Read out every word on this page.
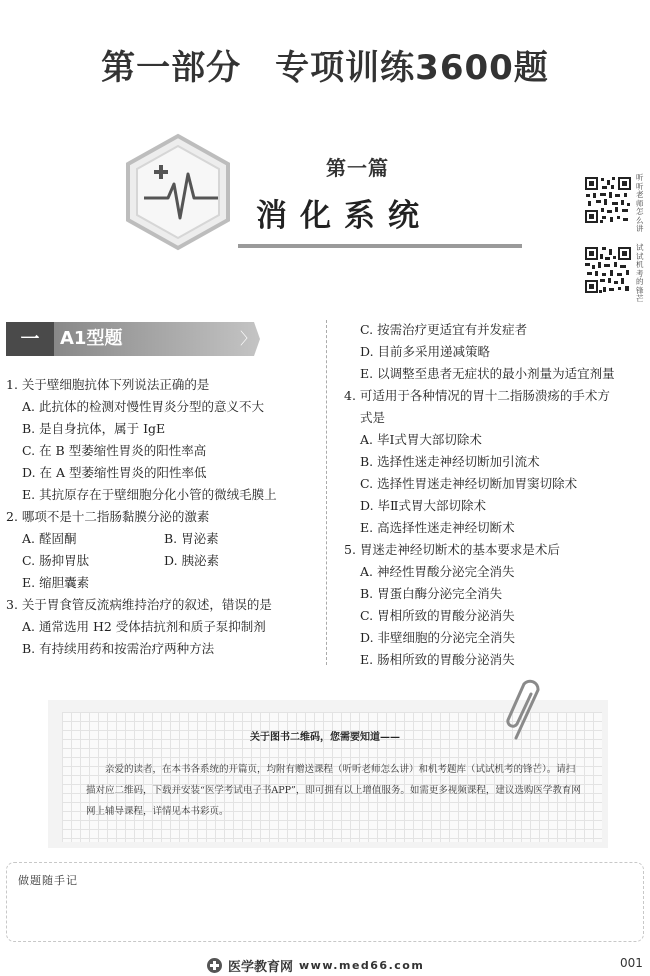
第一部分 专项训练3600题
第一篇
消化系统
听听老师怎么讲
试试机考的锋芒
一	A1型题	〉
1. 关于壁细胞抗体下列说法正确的是
A. 此抗体的检测对慢性胃炎分型的意义不大
B. 是自身抗体，属于 IgE
C. 在 B 型萎缩性胃炎的阳性率高
D. 在 A 型萎缩性胃炎的阳性率低
E. 其抗原存在于壁细胞分化小管的微绒毛膜上
2. 哪项不是十二指肠黏膜分泌的激素
A. 醛固酮	B. 胃泌素
C. 肠抑胃肽	D. 胰泌素
E. 缩胆囊素
3. 关于胃食管反流病维持治疗的叙述，错误的是
A. 通常选用 H2 受体拮抗剂和质子泵抑制剂
B. 有持续用药和按需治疗两种方法
C. 按需治疗更适宜有并发症者
D. 目前多采用递减策略
E. 以调整至患者无症状的最小剂量为适宜剂量
4. 可适用于各种情况的胃十二指肠溃疡的手术方
式是
A. 毕Ⅰ式胃大部切除术
B. 选择性迷走神经切断加引流术
C. 选择性胃迷走神经切断加胃窦切除术
D. 毕Ⅱ式胃大部切除术
E. 高选择性迷走神经切断术
5. 胃迷走神经切断术的基本要求是术后
A. 神经性胃酸分泌完全消失
B. 胃蛋白酶分泌完全消失
C. 胃相所致的胃酸分泌消失
D. 非壁细胞的分泌完全消失
E. 肠相所致的胃酸分泌消失
关于图书二维码，您需要知道——
亲爱的读者，在本书各系统的开篇页，均附有赠送课程（听听老师怎么讲）和机考题库（试试机考的锋芒）。请扫描对应二维码，下载并安装“医学考试电子书APP”，即可拥有以上增值服务。如需更多视频课程，建议选购医学教育网网上辅导课程，详情见本书彩页。
做题随手记
医学教育网 www.med66.com	001
